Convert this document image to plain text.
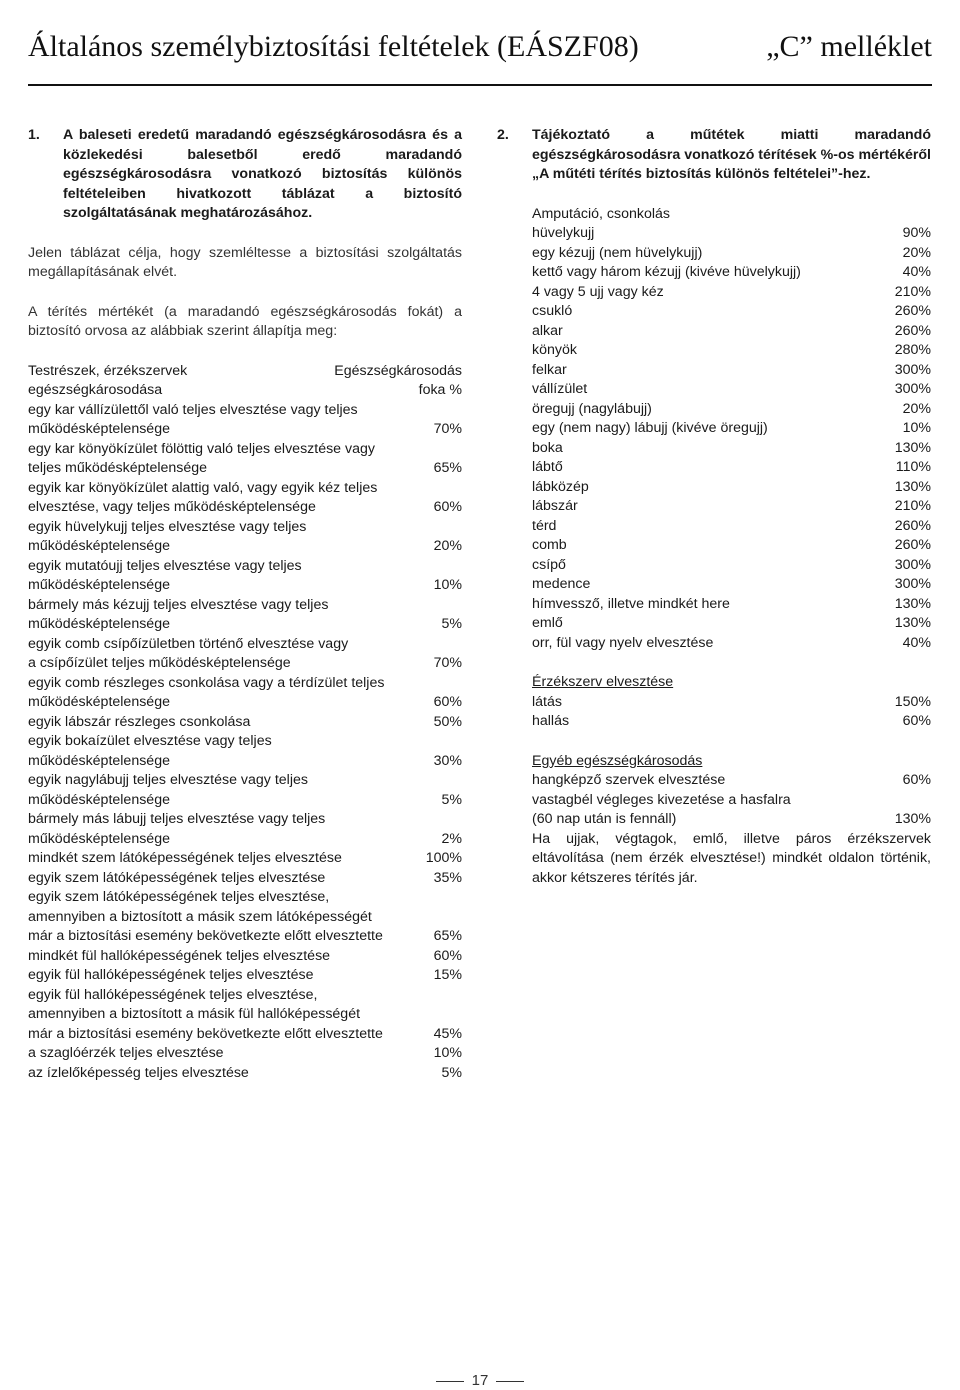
Általános személybiztosítási feltételek (EÁSZF08)	„C” melléklet
1. A baleseti eredetű maradandó egészségkárosodásra és a közlekedési balesetből eredő maradandó egészségkárosodásra vonatkozó biztosítás különös feltételeiben hivatkozott táblázat a biztosító szolgáltatásának meghatározásához.
Jelen táblázat célja, hogy szemléltesse a biztosítási szolgáltatás megállapításának elvét.
A térítés mértékét (a maradandó egészségkárosodás fokát) a biztosító orvosa az alábbiak szerint állapítja meg:
Testrészek, érzékszervek	Egészségkárosodás
egészségkárosodása	foka %
egy kar vállízülettől való teljes elvesztése vagy teljes
működésképtelensége	70%
egy kar könyökízület fölöttig való teljes elvesztése vagy
teljes működésképtelensége	65%
egyik kar könyökízület alattig való, vagy egyik kéz teljes
elvesztése, vagy teljes működésképtelensége	60%
egyik hüvelykujj teljes elvesztése vagy teljes
működésképtelensége	20%
egyik mutatóujj teljes elvesztése vagy teljes
működésképtelensége	10%
bármely más kézujj teljes elvesztése vagy teljes
működésképtelensége	5%
egyik comb csípőízületben történő elvesztése vagy
a csípőízület teljes működésképtelensége	70%
egyik comb részleges csonkolása vagy a térdízület teljes
működésképtelensége	60%
egyik lábszár részleges csonkolása	50%
egyik bokaízület elvesztése vagy teljes
működésképtelensége	30%
egyik nagylábujj teljes elvesztése vagy teljes
működésképtelensége	5%
bármely más lábujj teljes elvesztése vagy teljes
működésképtelensége	2%
mindkét szem látóképességének teljes elvesztése	100%
egyik szem látóképességének teljes elvesztése	35%
egyik szem látóképességének teljes elvesztése,
amennyiben a biztosított a másik szem látóképességét
már a biztosítási esemény bekövetkezte előtt elvesztette	65%
mindkét fül hallóképességének teljes elvesztése	60%
egyik fül hallóképességének teljes elvesztése	15%
egyik fül hallóképességének teljes elvesztése,
amennyiben a biztosított a másik fül hallóképességét
már a biztosítási esemény bekövetkezte előtt elvesztette	45%
a szaglóérzék teljes elvesztése	10%
az ízlelőképesség teljes elvesztése	5%
2. Tájékoztató a műtétek miatti maradandó egészségkárosodásra vonatkozó térítések %-os mértékéről „A műtéti térítés biztosítás különös feltételei”-hez.
Amputáció, csonkolás
hüvelykujj	90%
egy kézujj (nem hüvelykujj)	20%
kettő vagy három kézujj (kivéve hüvelykujj)	40%
4 vagy 5 ujj vagy kéz	210%
csukló	260%
alkar	260%
könyök	280%
felkar	300%
vállízület	300%
öregujj (nagylábujj)	20%
egy (nem nagy) lábujj (kivéve öregujj)	10%
boka	130%
lábtő	110%
lábközép	130%
lábszár	210%
térd	260%
comb	260%
csípő	300%
medence	300%
hímvessző, illetve mindkét here	130%
emlő	130%
orr, fül vagy nyelv elvesztése	40%
Érzékszerv elvesztése
látás	150%
hallás	60%
Egyéb egészségkárosodás
hangképző szervek elvesztése	60%
vastagbél végleges kivezetése a hasfalra
(60 nap után is fennáll)	130%
Ha ujjak, végtagok, emlő, illetve páros érzékszervek eltávolítása (nem érzék elvesztése!) mindkét oldalon történik, akkor kétszeres térítés jár.
17
